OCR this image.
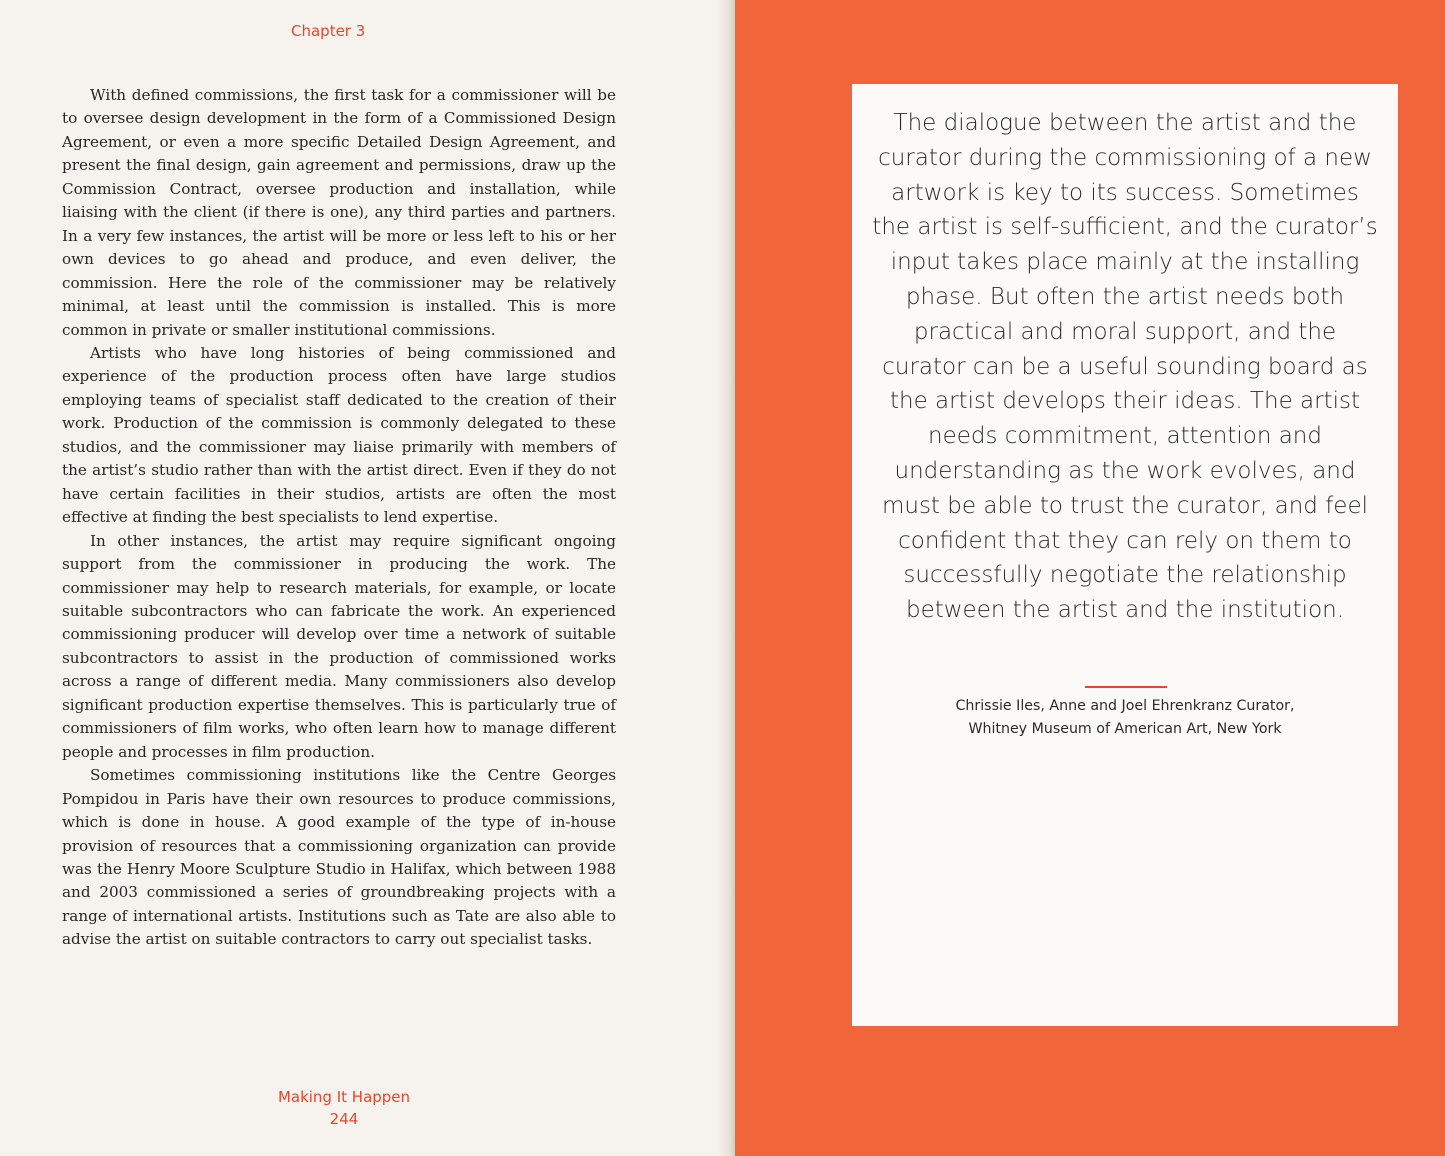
Chapter 3

With defined commissions, the first task for a commissioner will be to oversee design development in the form of a Commissioned Design Agreement, or even a more specific Detailed Design Agreement, and present the final design, gain agreement and permissions, draw up the Commission Contract, oversee production and installation, while liaising with the client (if there is one), any third parties and partners. In a very few instances, the artist will be more or less left to his or her own devices to go ahead and produce, and even deliver, the commission. Here the role of the commissioner may be relatively minimal, at least until the commission is installed. This is more common in private or smaller institutional commissions.

Artists who have long histories of being commissioned and experience of the production process often have large studios employing teams of specialist staff dedicated to the creation of their work. Production of the commission is commonly delegated to these studios, and the commissioner may liaise primarily with members of the artist’s studio rather than with the artist direct. Even if they do not have certain facilities in their studios, artists are often the most effective at finding the best specialists to lend expertise.

In other instances, the artist may require significant ongoing support from the commissioner in producing the work. The commissioner may help to research materials, for example, or locate suitable subcontractors who can fabricate the work. An experienced commissioning producer will develop over time a network of suitable subcontractors to assist in the production of commissioned works across a range of different media. Many commissioners also develop significant production expertise themselves. This is particularly true of commissioners of film works, who often learn how to manage different people and processes in film production.

Sometimes commissioning institutions like the Centre Georges Pompidou in Paris have their own resources to produce commissions, which is done in house. A good example of the type of in-house provision of resources that a commissioning organization can provide was the Henry Moore Sculpture Studio in Halifax, which between 1988 and 2003 commissioned a series of groundbreaking projects with a range of international artists. Institutions such as Tate are also able to advise the artist on suitable contractors to carry out specialist tasks.

Making It Happen
244
The dialogue between the artist and the curator during the commissioning of a new artwork is key to its success. Sometimes the artist is self-sufficient, and the curator’s input takes place mainly at the installing phase. But often the artist needs both practical and moral support, and the curator can be a useful sounding board as the artist develops their ideas. The artist needs commitment, attention and understanding as the work evolves, and must be able to trust the curator, and feel confident that they can rely on them to successfully negotiate the relationship between the artist and the institution.
Chrissie Iles, Anne and Joel Ehrenkranz Curator,
Whitney Museum of American Art, New York
